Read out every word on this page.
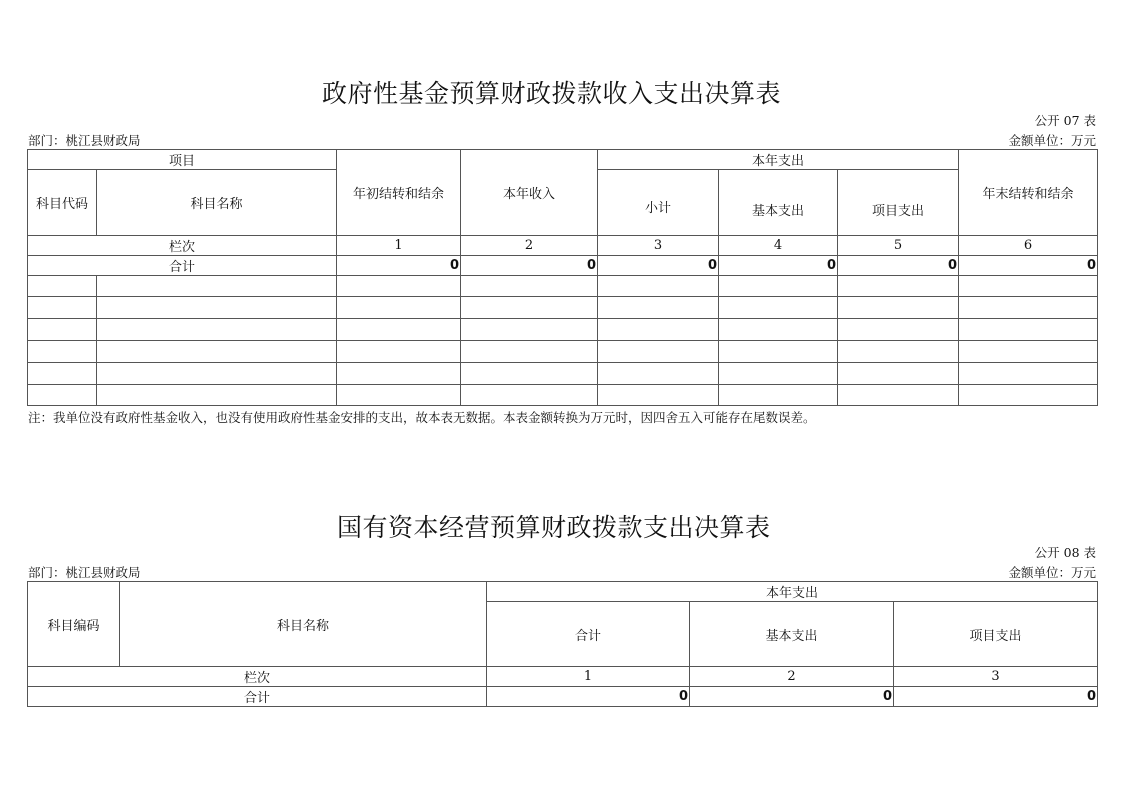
政府性基金预算财政拨款收入支出决算表
公开 07 表
部门：桃江县财政局	金额单位：万元
项目		年初结转和结余	本年收入	本年支出			年末结转和结余
科目代码	科目名称			小计	基本支出	项目支出	
栏次		1	2	3	4	5	6
合计		0	0	0	0	0	0

注：我单位没有政府性基金收入，也没有使用政府性基金安排的支出，故本表无数据。本表金额转换为万元时，因四舍五入可能存在尾数误差。
国有资本经营预算财政拨款支出决算表
公开 08 表
部门：桃江县财政局	金额单位：万元
科目编码	科目名称	本年支出		
		合计	基本支出	项目支出
栏次		1	2	3
合计		0	0	0
